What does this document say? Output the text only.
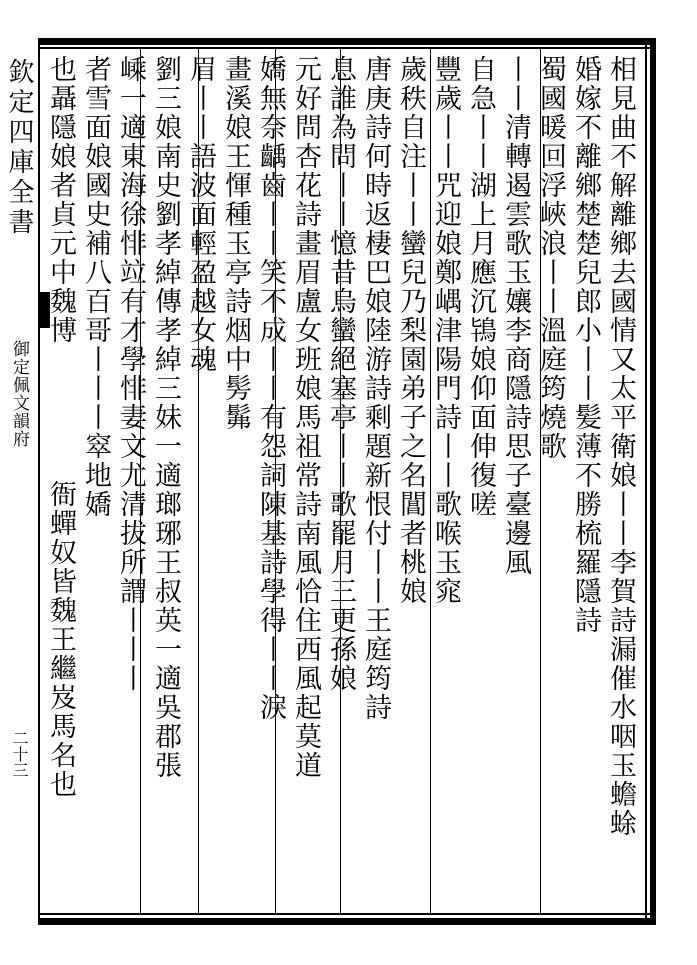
欽定四庫全書
御定佩文韻府
二十三	相見曲不解離鄉去國情又太平衛娘丨丨李賀詩漏催水咽玉蟾蜍
婚嫁不離鄉楚楚兒郎小丨丨髪薄不勝梳羅隱詩
蜀國暖回浮峽浪丨丨溫庭筠燒歌
丨丨清轉遏雲歌玉孃李商隱詩思子臺邊風
自急丨丨湖上月應沉鴇娘仰面伸復嗟
豐歲丨丨咒迎娘鄭嵎津陽門詩丨丨歌喉玉窕
歲秩自注丨丨蠻兒乃梨園弟子之名閶者桃娘
唐庚詩何時返棲巴娘陸游詩剩題新恨付丨丨王庭筠詩
息誰為問丨丨憶昔烏蠻絕塞亭丨丨歌罷月三更孫娘
元好問杏花詩畫眉盧女班娘馬祖常詩南風恰住西風起莫道
嬌無奈齲齒丨丨笑不成丨丨有怨詞陳基詩學得丨丨淚
畫溪娘王惲種玉亭詩烟中髣髴
眉丨丨語波面輕盈越女魂
劉三娘南史劉孝綽傳孝綽三妹一適瑯琊王叔英一適吳郡張
嵊一適東海徐悱竝有才學悱妻文尤清拔所謂丨丨丨
者雪面娘國史補八百哥丨丨丨窣地嬌
也聶隱娘者貞元中魏博
衙蟬奴皆魏王繼岌馬名也
